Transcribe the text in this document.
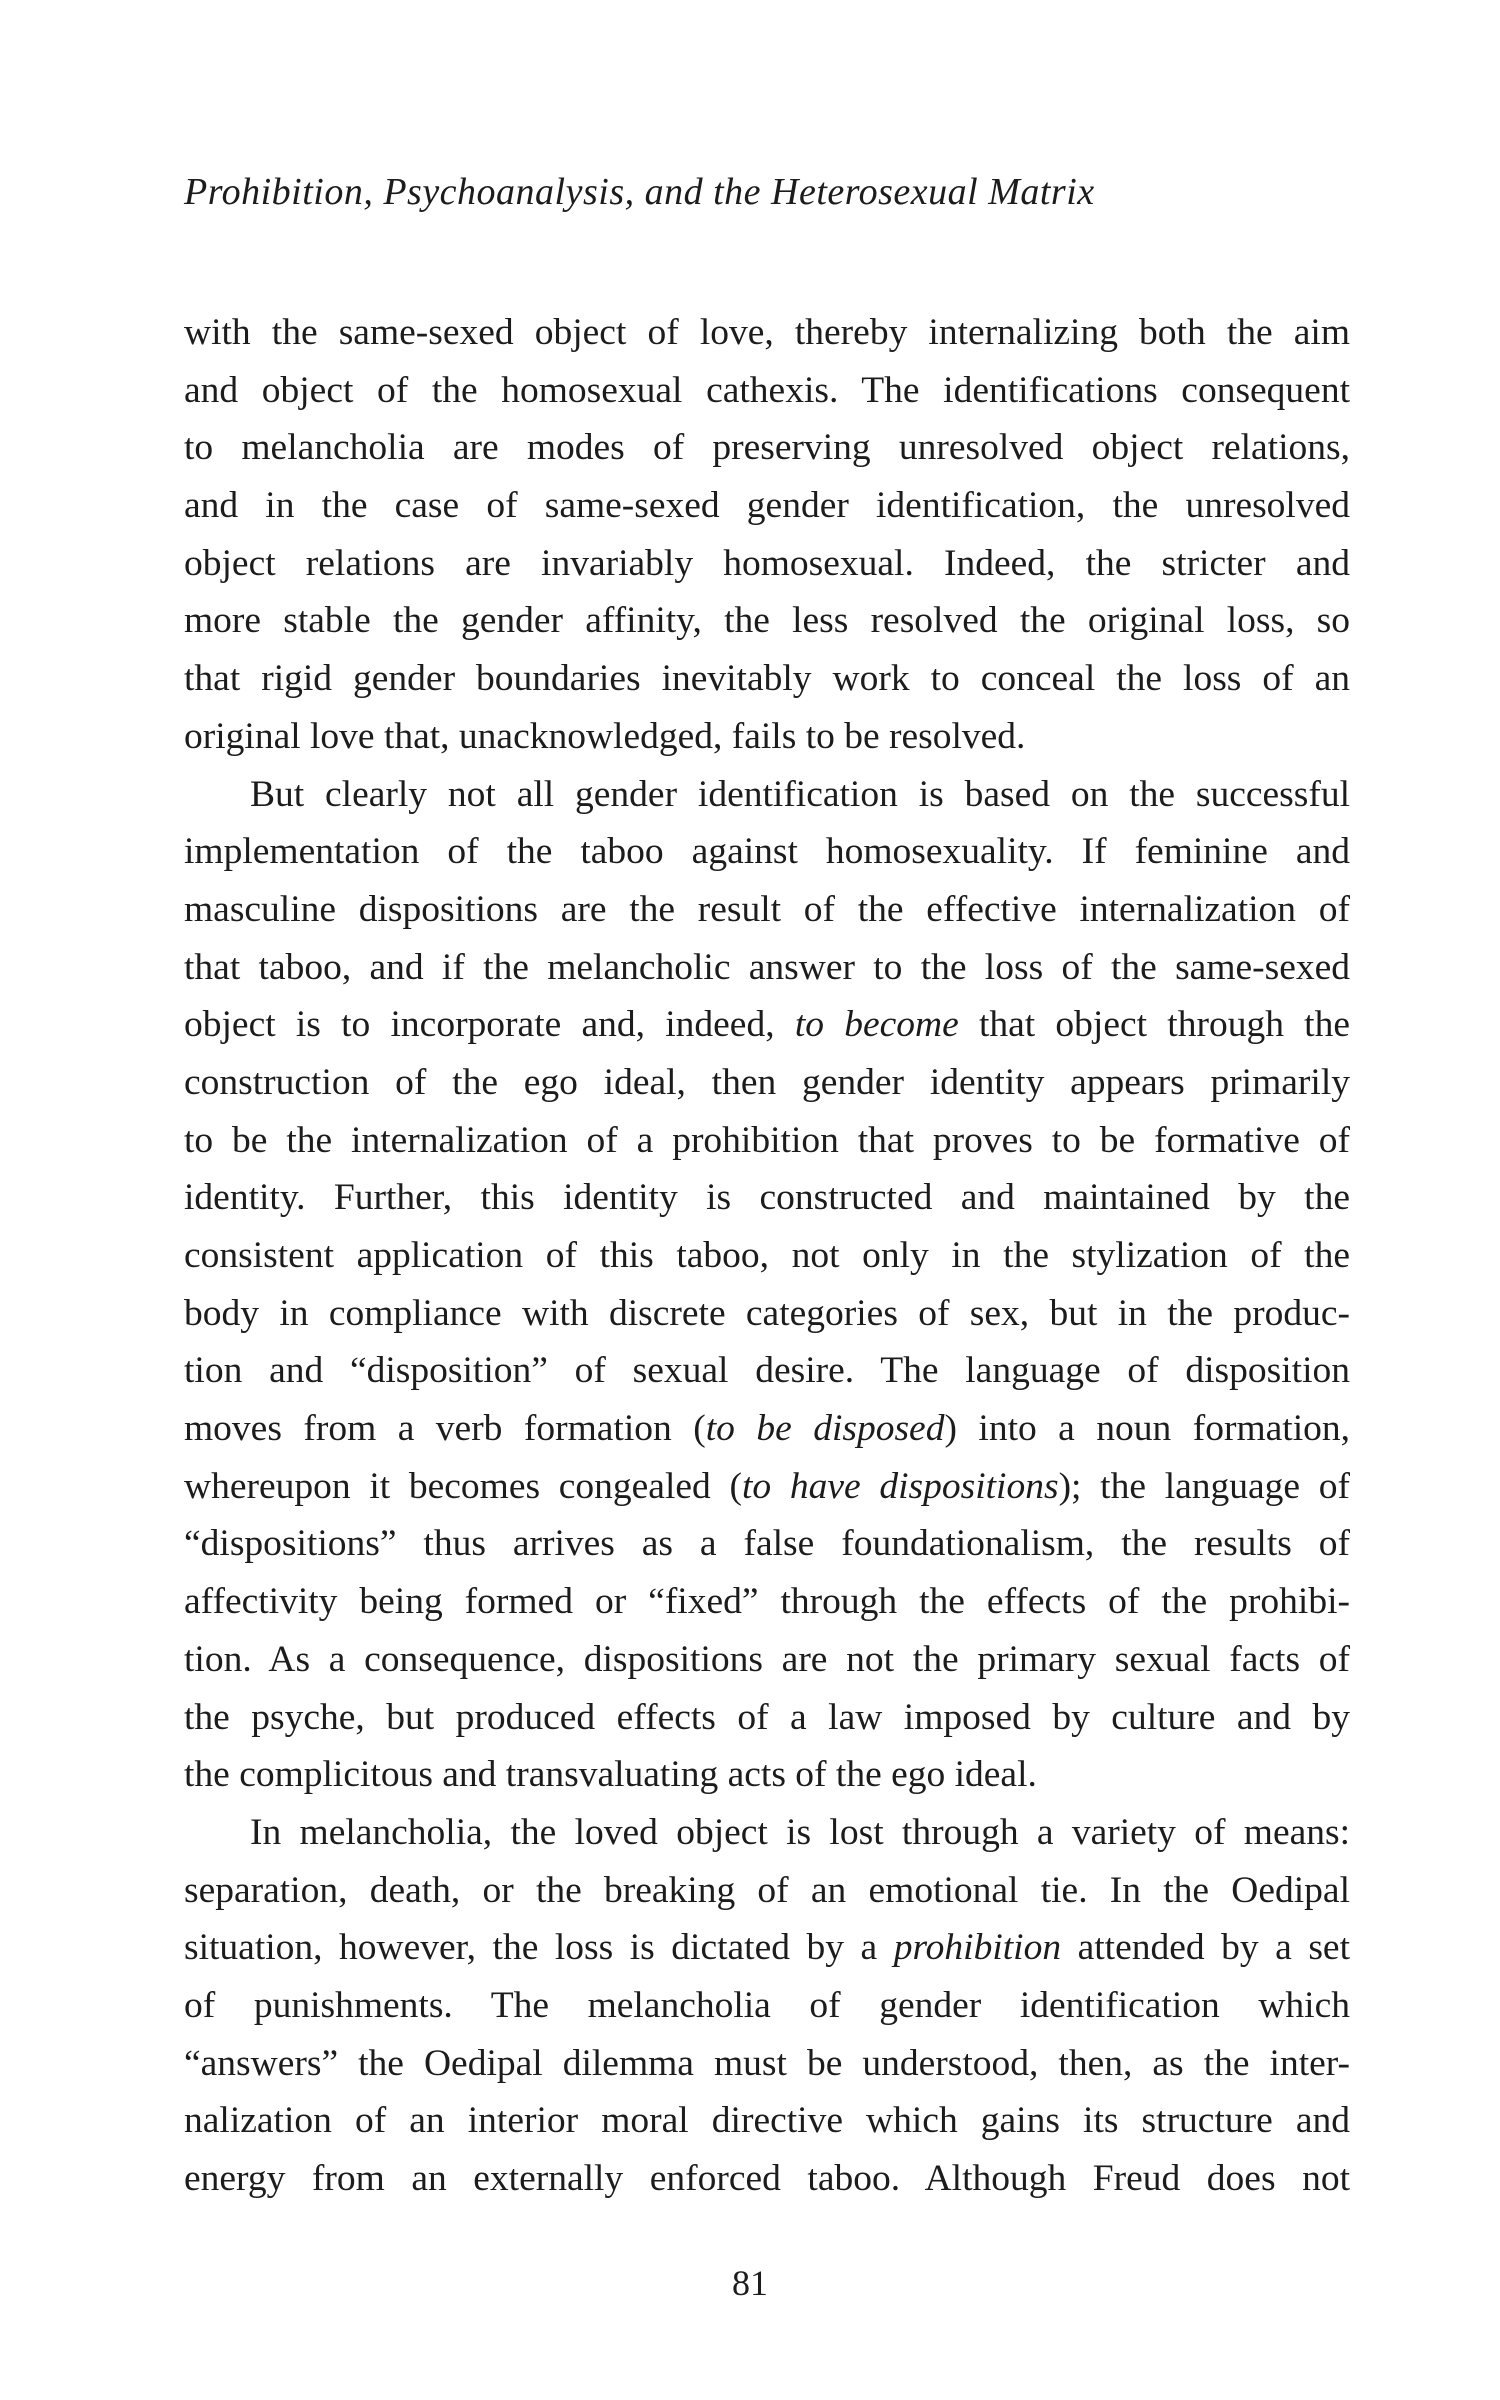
Prohibition, Psychoanalysis, and the Heterosexual Matrix
with the same-sexed object of love, thereby internalizing both the aim
and object of the homosexual cathexis. The identifications consequent
to melancholia are modes of preserving unresolved object relations,
and in the case of same-sexed gender identification, the unresolved
object relations are invariably homosexual. Indeed, the stricter and
more stable the gender affinity, the less resolved the original loss, so
that rigid gender boundaries inevitably work to conceal the loss of an
original love that, unacknowledged, fails to be resolved.
But clearly not all gender identification is based on the successful
implementation of the taboo against homosexuality. If feminine and
masculine dispositions are the result of the effective internalization of
that taboo, and if the melancholic answer to the loss of the same-sexed
object is to incorporate and, indeed, to become that object through the
construction of the ego ideal, then gender identity appears primarily
to be the internalization of a prohibition that proves to be formative of
identity. Further, this identity is constructed and maintained by the
consistent application of this taboo, not only in the stylization of the
body in compliance with discrete categories of sex, but in the produc-
tion and “disposition” of sexual desire. The language of disposition
moves from a verb formation (to be disposed) into a noun formation,
whereupon it becomes congealed (to have dispositions); the language of
“dispositions” thus arrives as a false foundationalism, the results of
affectivity being formed or “fixed” through the effects of the prohibi-
tion. As a consequence, dispositions are not the primary sexual facts of
the psyche, but produced effects of a law imposed by culture and by
the complicitous and transvaluating acts of the ego ideal.
In melancholia, the loved object is lost through a variety of means:
separation, death, or the breaking of an emotional tie. In the Oedipal
situation, however, the loss is dictated by a prohibition attended by a set
of punishments. The melancholia of gender identification which
“answers” the Oedipal dilemma must be understood, then, as the inter-
nalization of an interior moral directive which gains its structure and
energy from an externally enforced taboo. Although Freud does not
81
